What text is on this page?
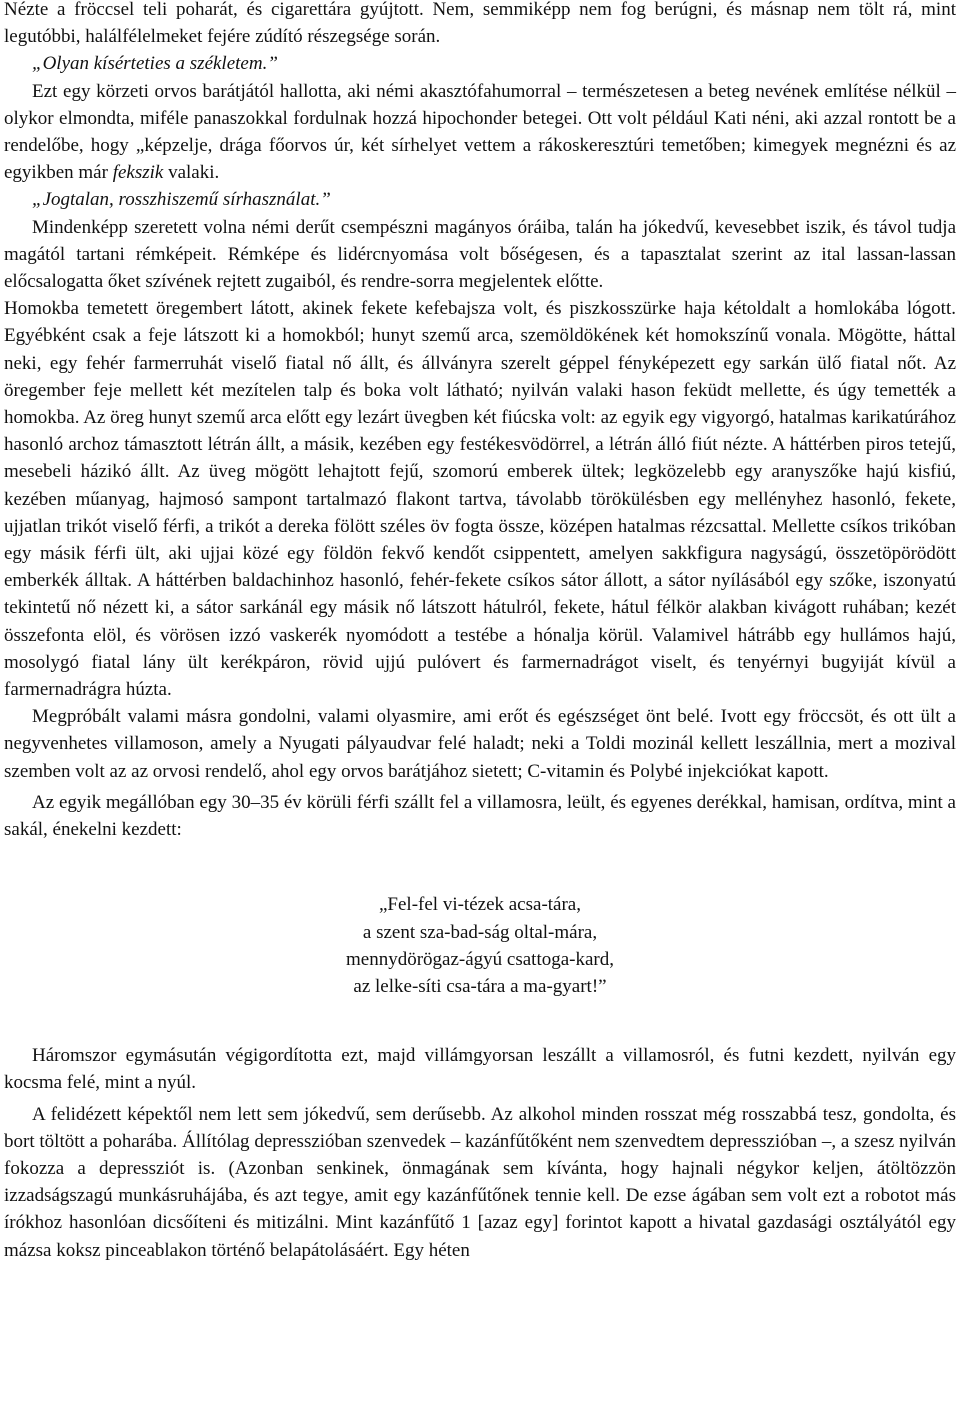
Nézte a fröccsel teli poharát, és cigarettára gyújtott. Nem, semmiképp nem fog berúgni, és másnap nem tölt rá, mint legutóbbi, halálfélelmeket fejére zúdító részegsége során.

„Olyan kísérteties a székletem.”

Ezt egy körzeti orvos barátjától hallotta, aki némi akasztófahumorral – természetesen a beteg nevének említése nélkül – olykor elmondta, miféle panaszokkal fordulnak hozzá hipochonder betegei. Ott volt például Kati néni, aki azzal rontott be a rendelőbe, hogy „képzelje, drága főorvos úr, két sírhelyet vettem a rákoskeresztúri temetőben; kimegyek megnézni és az egyikben már fekszik valaki.

„Jogtalan, rosszhiszemű sírhasználat.”

Mindenképp szeretett volna némi derűt csempészni magányos óráiba, talán ha jókedvű, kevesebbet iszik, és távol tudja magától tartani rémképeit. Rémképe és lidércnyomása volt bőségesen, és a tapasztalat szerint az ital lassan-lassan előcsalogatta őket szívének rejtett zugaiból, és rendre-sorra megjelentek előtte.

Homokba temetett öregembert látott, akinek fekete kefebajsza volt, és piszkosszürke haja kétoldalt a homlokába lógott. Egyébként csak a feje látszott ki a homokból; hunyt szemű arca, szemöldökének két homokszínű vonala. Mögötte, háttal neki, egy fehér farmerruhát viselő fiatal nő állt, és állványra szerelt géppel fényképezett egy sarkán ülő fiatal nőt. Az öregember feje mellett két mezítelen talp és boka volt látható; nyilván valaki hason feküdt mellette, és úgy temették a homokba. Az öreg hunyt szemű arca előtt egy lezárt üvegben két fiúcska volt: az egyik egy vigyorgó, hatalmas karikatúrához hasonló archoz támasztott létrán állt, a másik, kezében egy festékesvödörrel, a létrán álló fiút nézte. A háttérben piros tetejű, mesebeli házikó állt. Az üveg mögött lehajtott fejű, szomorú emberek ültek; legközelebb egy aranyszőke hajú kisfiú, kezében műanyag, hajmosó sampont tartalmazó flakont tartva, távolabb törökülésben egy mellényhez hasonló, fekete, ujjatlan trikót viselő férfi, a trikót a dereka fölött széles öv fogta össze, középen hatalmas rézcsattal. Mellette csíkos trikóban egy másik férfi ült, aki ujjai közé egy földön fekvő kendőt csippentett, amelyen sakkfigura nagyságú, összetöpörödött emberkék álltak. A háttérben baldachinhoz hasonló, fehér-fekete csíkos sátor állott, a sátor nyílásából egy szőke, iszonyatú tekintetű nő nézett ki, a sátor sarkánál egy másik nő látszott hátulról, fekete, hátul félkör alakban kivágott ruhában; kezét összefonta elöl, és vörösen izzó vaskerék nyomódott a testébe a hónalja körül. Valamivel hátrább egy hullámos hajú, mosolygó fiatal lány ült kerékpáron, rövid ujjú pulóvert és farmernadrágot viselt, és tenyérnyi bugyiját kívül a farmernadrágra húzta.

Megpróbált valami másra gondolni, valami olyasmire, ami erőt és egészséget önt belé. Ivott egy fröccsöt, és ott ült a negyvenhetes villamoson, amely a Nyugati pályaudvar felé haladt; neki a Toldi mozinál kellett leszállnia, mert a mozival szemben volt az az orvosi rendelő, ahol egy orvos barátjához sietett; C-vitamin és Polybé injekciókat kapott.

Az egyik megállóban egy 30–35 év körüli férfi szállt fel a villamosra, leült, és egyenes derékkal, hamisan, ordítva, mint a sakál, énekelni kezdett:

„Fel-fel vi-tézek acsa-tára,
a szent sza-bad-ság oltal-mára,
mennydörögaz-ágyú csattoga-kard,
az lelke-síti csa-tára a ma-gyart!”

Háromszor egymásután végigordította ezt, majd villámgyorsan leszállt a villamosról, és futni kezdett, nyilván egy kocsma felé, mint a nyúl.

A felidézett képektől nem lett sem jókedvű, sem derűsebb. Az alkohol minden rosszat még rosszabbá tesz, gondolta, és bort töltött a poharába. Állítólag depresszióban szenvedek – kazánfűtőként nem szenvedtem depresszióban –, a szesz nyilván fokozza a depressziót is. (Azonban senkinek, önmagának sem kívánta, hogy hajnali négykor keljen, átöltözzön izzadságszagú munkásruhájába, és azt tegye, amit egy kazánfűtőnek tennie kell. De ezse ágában sem volt ezt a robotot más írókhoz hasonlóan dicsőíteni és mitizálni. Mint kazánfűtő 1 [azaz egy] forintot kapott a hivatal gazdasági osztályától egy mázsa koksz pinceablakon történő belapátolásáért. Egy héten
